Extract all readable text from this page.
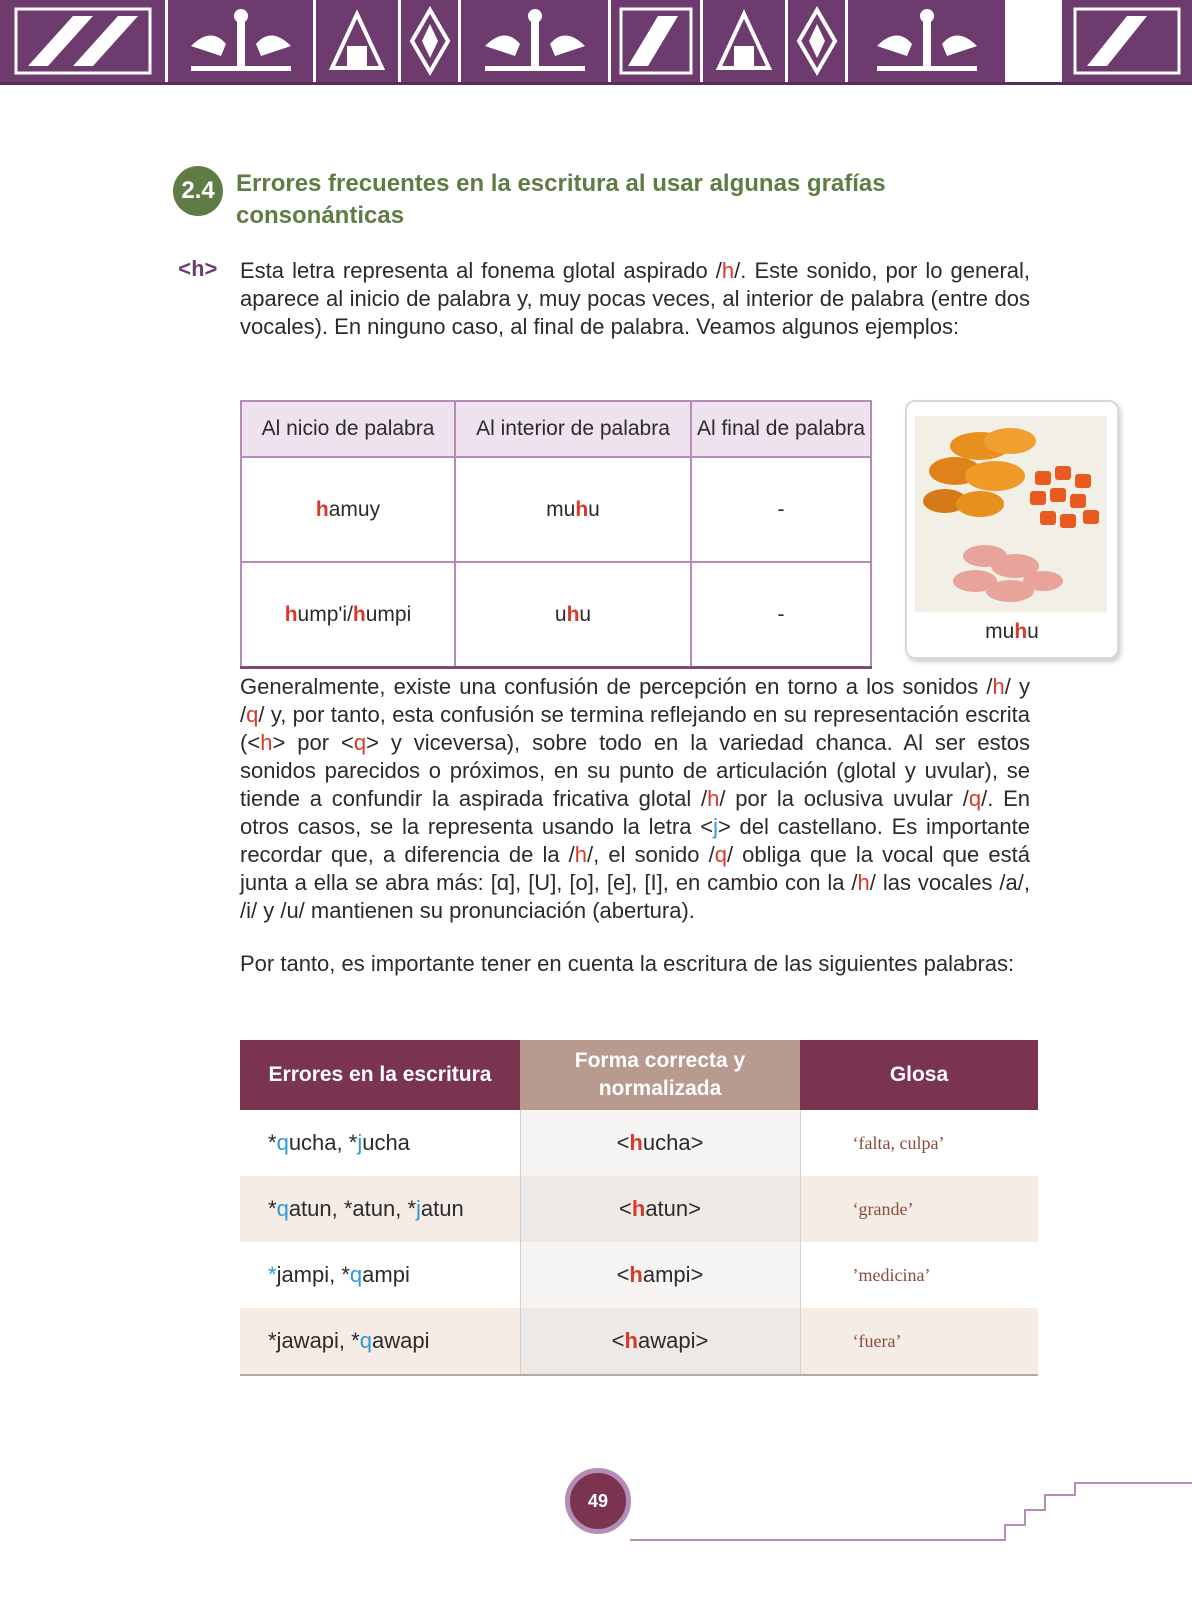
2.4 Errores frecuentes en la escritura al usar algunas grafías consonánticas
<h> Esta letra representa al fonema glotal aspirado /h/. Este sonido, por lo general, aparece al inicio de palabra y, muy pocas veces, al interior de palabra (entre dos vocales). En ninguno caso, al final de palabra. Veamos algunos ejemplos:
Al nicio de palabra	Al interior de palabra	Al final de palabra
hamuy	muhu	-
hump'i/humpi	uhu	-
muhu
Generalmente, existe una confusión de percepción en torno a los sonidos /h/ y /q/ y, por tanto, esta confusión se termina reflejando en su representación escrita (<h> por <q> y viceversa), sobre todo en la variedad chanca. Al ser estos sonidos parecidos o próximos, en su punto de articulación (glotal y uvular), se tiende a confundir la aspirada fricativa glotal /h/ por la oclusiva uvular /q/. En otros casos, se la representa usando la letra <j> del castellano. Es importante recordar que, a diferencia de la /h/, el sonido /q/ obliga que la vocal que está junta a ella se abra más: [ɑ], [U], [o], [e], [I], en cambio con la /h/ las vocales /a/, /i/ y /u/ mantienen su pronunciación (abertura).
Por tanto, es importante tener en cuenta la escritura de las siguientes palabras:
Errores en la escritura	Forma correcta y normalizada	Glosa
*qucha, *jucha	<hucha>	‘falta, culpa’
*qatun, *atun, *jatun	<hatun>	‘grande’
*jampi, *qampi	<hampi>	’medicina’
*jawapi, *qawapi	<hawapi>	‘fuera’
49
